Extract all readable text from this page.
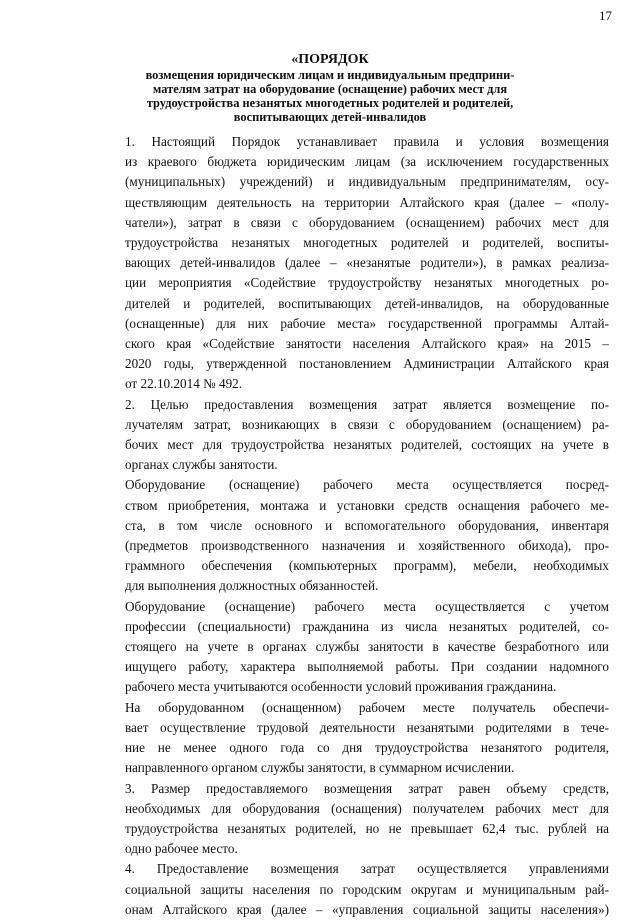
17
«ПОРЯДОК
возмещения юридическим лицам и индивидуальным предприни-
мателям затрат на оборудование (оснащение) рабочих мест для
трудоустройства незанятых многодетных родителей и родителей,
воспитывающих детей-инвалидов

1. Настоящий Порядок устанавливает правила и условия возмещения
из краевого бюджета юридическим лицам (за исключением государственных
(муниципальных) учреждений) и индивидуальным предпринимателям, осу-
ществляющим деятельность на территории Алтайского края (далее – «полу-
чатели»), затрат в связи с оборудованием (оснащением) рабочих мест для
трудоустройства незанятых многодетных родителей и родителей, воспиты-
вающих детей-инвалидов (далее – «незанятые родители»), в рамках реализа-
ции мероприятия «Содействие трудоустройству незанятых многодетных ро-
дителей и родителей, воспитывающих детей-инвалидов, на оборудованные
(оснащенные) для них рабочие места» государственной программы Алтай-
ского края «Содействие занятости населения Алтайского края» на 2015 –
2020 годы, утвержденной постановлением Администрации Алтайского края
от 22.10.2014 № 492.

2. Целью предоставления возмещения затрат является возмещение по-
лучателям затрат, возникающих в связи с оборудованием (оснащением) ра-
бочих мест для трудоустройства незанятых родителей, состоящих на учете в
органах службы занятости.

Оборудование (оснащение) рабочего места осуществляется посред-
ством приобретения, монтажа и установки средств оснащения рабочего ме-
ста, в том числе основного и вспомогательного оборудования, инвентаря
(предметов производственного назначения и хозяйственного обихода), про-
граммного обеспечения (компьютерных программ), мебели, необходимых
для выполнения должностных обязанностей.

Оборудование (оснащение) рабочего места осуществляется с учетом
профессии (специальности) гражданина из числа незанятых родителей, со-
стоящего на учете в органах службы занятости в качестве безработного или
ищущего работу, характера выполняемой работы. При создании надомного
рабочего места учитываются особенности условий проживания гражданина.

На оборудованном (оснащенном) рабочем месте получатель обеспечи-
вает осуществление трудовой деятельности незанятыми родителями в тече-
ние не менее одного года со дня трудоустройства незанятого родителя,
направленного органом службы занятости, в суммарном исчислении.

3. Размер предоставляемого возмещения затрат равен объему средств,
необходимых для оборудования (оснащения) получателем рабочих мест для
трудоустройства незанятых родителей, но не превышает 62,4 тыс. рублей на
одно рабочее место.

4. Предоставление возмещения затрат осуществляется управлениями
социальной защиты населения по городским округам и муниципальным рай-
онам Алтайского края (далее – «управления социальной защиты населения»)
